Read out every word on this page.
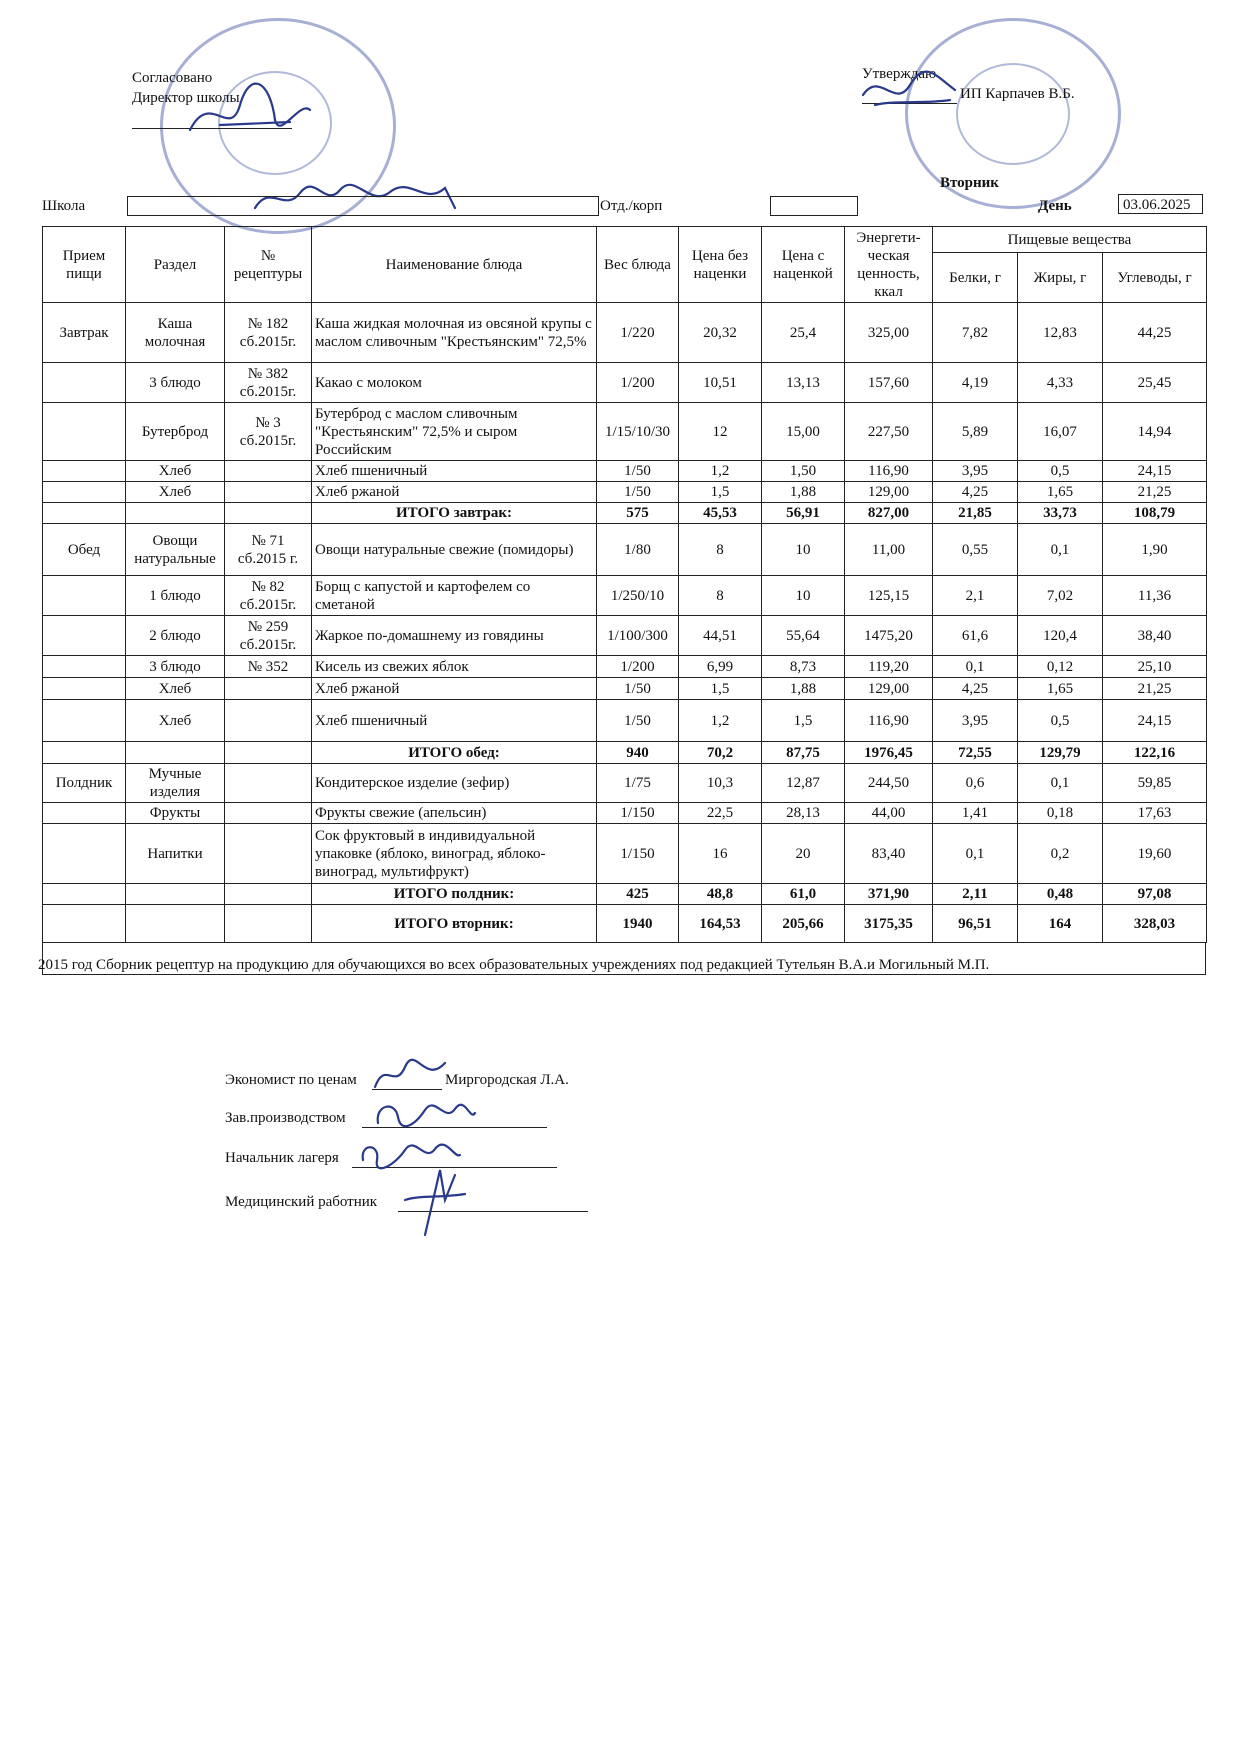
Согласовано
Директор школы
Утверждаю
ИП Карпачев В.Б.
Вторник
Школа	Отд./корп	День	03.06.2025
Прием пищи	Раздел	№ рецептуры	Наименование блюда	Вес блюда	Цена без наценки	Цена с наценкой	Энергети-ческая ценность, ккал	Пищевые вещества		
								Белки, г	Жиры, г	Углеводы, г
Завтрак	Каша молочная	№ 182 сб.2015г.	Каша жидкая молочная из овсяной крупы с маслом сливочным "Крестьянским" 72,5%	1/220	20,32	25,4	325,00	7,82	12,83	44,25
	3 блюдо	№ 382 сб.2015г.	Какао с молоком	1/200	10,51	13,13	157,60	4,19	4,33	25,45
	Бутерброд	№ 3 сб.2015г.	Бутерброд с маслом сливочным "Крестьянским" 72,5% и сыром Российским	1/15/10/30	12	15,00	227,50	5,89	16,07	14,94
	Хлеб		Хлеб пшеничный	1/50	1,2	1,50	116,90	3,95	0,5	24,15
	Хлеб		Хлеб ржаной	1/50	1,5	1,88	129,00	4,25	1,65	21,25
			ИТОГО завтрак:	575	45,53	56,91	827,00	21,85	33,73	108,79
Обед	Овощи натуральные	№ 71 сб.2015 г.	Овощи натуральные свежие (помидоры)	1/80	8	10	11,00	0,55	0,1	1,90
	1 блюдо	№ 82 сб.2015г.	Борщ с капустой и картофелем со сметаной	1/250/10	8	10	125,15	2,1	7,02	11,36
	2 блюдо	№ 259 сб.2015г.	Жаркое по-домашнему из говядины	1/100/300	44,51	55,64	1475,20	61,6	120,4	38,40
	3 блюдо	№ 352	Кисель из свежих яблок	1/200	6,99	8,73	119,20	0,1	0,12	25,10
	Хлеб		Хлеб ржаной	1/50	1,5	1,88	129,00	4,25	1,65	21,25
	Хлеб		Хлеб пшеничный	1/50	1,2	1,5	116,90	3,95	0,5	24,15
			ИТОГО обед:	940	70,2	87,75	1976,45	72,55	129,79	122,16
Полдник	Мучные изделия		Кондитерское изделие (зефир)	1/75	10,3	12,87	244,50	0,6	0,1	59,85
	Фрукты		Фрукты свежие (апельсин)	1/150	22,5	28,13	44,00	1,41	0,18	17,63
	Напитки		Сок фруктовый в индивидуальной упаковке (яблоко, виноград, яблоко-виноград, мультифрукт)	1/150	16	20	83,40	0,1	0,2	19,60
			ИТОГО полдник:	425	48,8	61,0	371,90	2,11	0,48	97,08
			ИТОГО вторник:	1940	164,53	205,66	3175,35	96,51	164	328,03
2015 год Сборник рецептур на продукцию для обучающихся во всех образовательных учреждениях под редакцией Тутельян В.А.и Могильный М.П.
Экономист по ценам	Миргородская Л.А.
Зав.производством
Начальник лагеря
Медицинский работник
